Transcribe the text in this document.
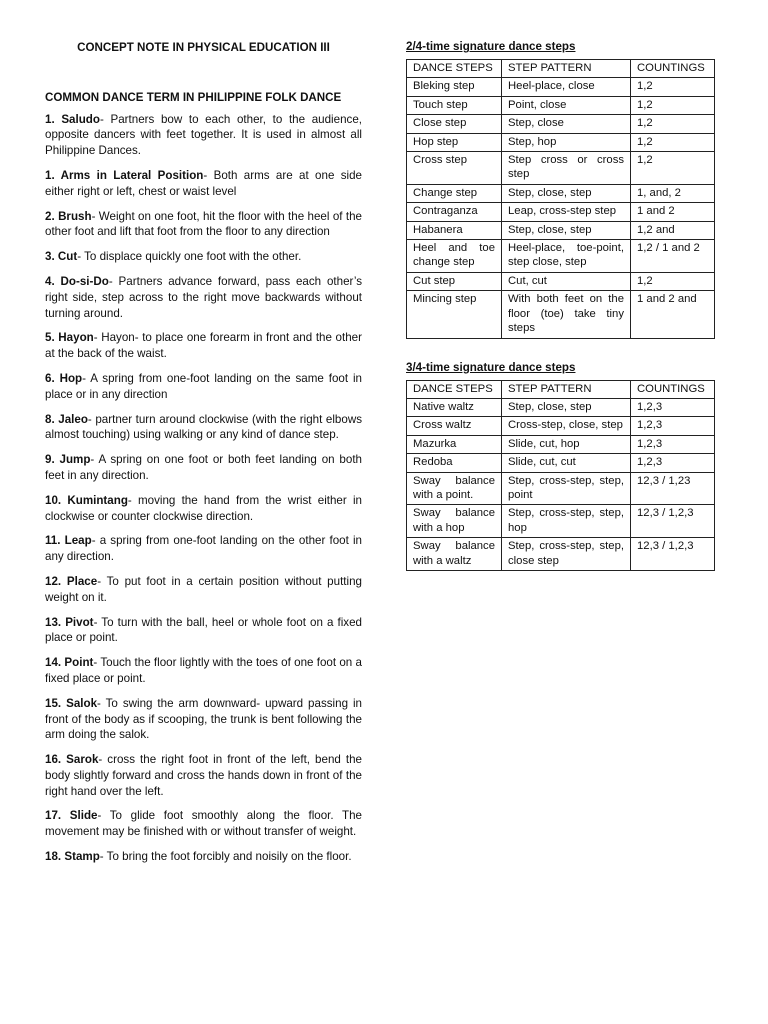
CONCEPT NOTE IN PHYSICAL EDUCATION III
COMMON DANCE TERM IN PHILIPPINE FOLK DANCE
1. Saludo- Partners bow to each other, to the audience, opposite dancers with feet together. It is used in almost all Philippine Dances.
1. Arms in Lateral Position- Both arms are at one side either right or left, chest or waist level
2. Brush- Weight on one foot, hit the floor with the heel of the other foot and lift that foot from the floor to any direction
3. Cut- To displace quickly one foot with the other.
4. Do-si-Do- Partners advance forward, pass each other’s right side, step across to the right move backwards without turning around.
5. Hayon- Hayon- to place one forearm in front and the other at the back of the waist.
6. Hop- A spring from one-foot landing on the same foot in place or in any direction
8. Jaleo- partner turn around clockwise (with the right elbows almost touching) using walking or any kind of dance step.
9. Jump- A spring on one foot or both feet landing on both feet in any direction.
10. Kumintang- moving the hand from the wrist either in clockwise or counter clockwise direction.
11. Leap- a spring from one-foot landing on the other foot in any direction.
12. Place- To put foot in a certain position without putting weight on it.
13. Pivot- To turn with the ball, heel or whole foot on a fixed place or point.
14. Point- Touch the floor lightly with the toes of one foot on a fixed place or point.
15. Salok- To swing the arm downward- upward passing in front of the body as if scooping, the trunk is bent following the arm doing the salok.
16. Sarok- cross the right foot in front of the left, bend the body slightly forward and cross the hands down in front of the right hand over the left.
17. Slide- To glide foot smoothly along the floor. The movement may be finished with or without transfer of weight.
18. Stamp- To bring the foot forcibly and noisily on the floor.
2/4-time signature dance steps
DANCE STEPS	STEP PATTERN	COUNTINGS
Bleking step	Heel-place, close	1,2
Touch step	Point, close	1,2
Close step	Step, close	1,2
Hop step	Step, hop	1,2
Cross step	Step cross or cross step	1,2
Change step	Step, close, step	1, and, 2
Contraganza	Leap, cross-step step	1 and 2
Habanera	Step, close, step	1,2 and
Heel and toe change step	Heel-place, toe-point, step close, step	1,2 / 1 and 2
Cut step	Cut, cut	1,2
Mincing step	With both feet on the floor (toe) take tiny steps	1 and 2 and
3/4-time signature dance steps
DANCE STEPS	STEP PATTERN	COUNTINGS
Native waltz	Step, close, step	1,2,3
Cross waltz	Cross-step, close, step	1,2,3
Mazurka	Slide, cut, hop	1,2,3
Redoba	Slide, cut, cut	1,2,3
Sway balance with a point.	Step, cross-step, step, point	12,3 / 1,23
Sway balance with a hop	Step, cross-step, step, hop	12,3 / 1,2,3
Sway balance with a waltz	Step, cross-step, step, close step	12,3 / 1,2,3
